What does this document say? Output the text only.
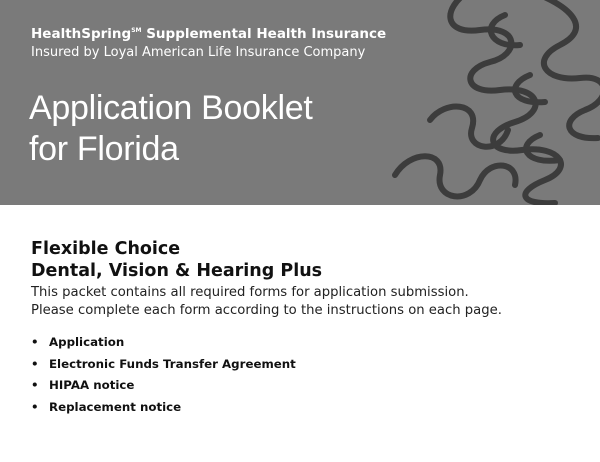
HealthSpring℠ Supplemental Health Insurance
Insured by Loyal American Life Insurance Company
Application Booklet
for Florida
Flexible Choice
Dental, Vision & Hearing Plus
This packet contains all required forms for application submission.
Please complete each form according to the instructions on each page.
• Application
• Electronic Funds Transfer Agreement
• HIPAA notice
• Replacement notice
